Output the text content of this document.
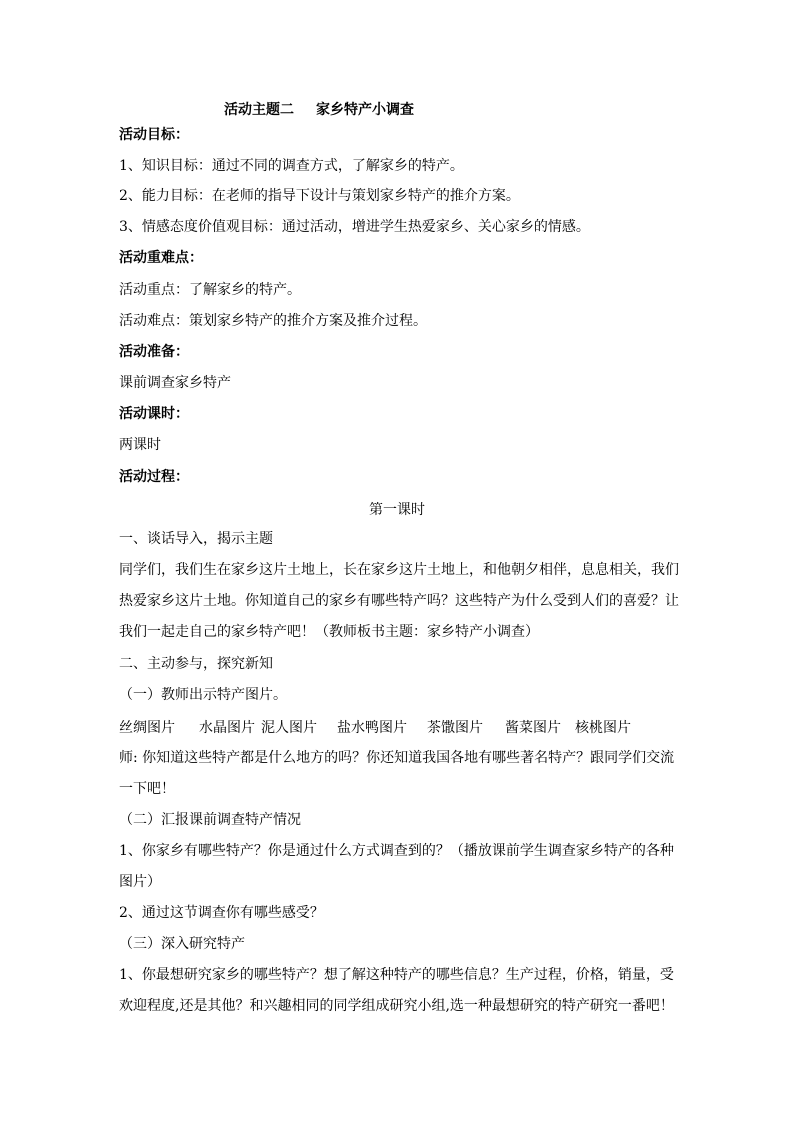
活动主题二 家乡特产小调查
活动目标：
1、知识目标：通过不同的调查方式，了解家乡的特产。
2、能力目标：在老师的指导下设计与策划家乡特产的推介方案。
3、情感态度价值观目标：通过活动，增进学生热爱家乡、关心家乡的情感。
活动重难点：
活动重点：了解家乡的特产。
活动难点：策划家乡特产的推介方案及推介过程。
活动准备：
课前调查家乡特产
活动课时：
两课时
活动过程：
第一课时
一、谈话导入，揭示主题
同学们，我们生在家乡这片土地上，长在家乡这片土地上，和他朝夕相伴，息息相关，我们
热爱家乡这片土地。你知道自己的家乡有哪些特产吗？这些特产为什么受到人们的喜爱？让
我们一起走自己的家乡特产吧！（教师板书主题：家乡特产小调查）
二、主动参与，探究新知
（一）教师出示特产图片。
丝绸图片 水晶图片 泥人图片 盐水鸭图片 茶馓图片 酱菜图片 核桃图片
师: 你知道这些特产都是什么地方的吗？你还知道我国各地有哪些著名特产？跟同学们交流
一下吧！
（二）汇报课前调查特产情况
1、你家乡有哪些特产？你是通过什么方式调查到的？（播放课前学生调查家乡特产的各种
图片）
2、通过这节调查你有哪些感受？
（三）深入研究特产
1、你最想研究家乡的哪些特产？想了解这种特产的哪些信息？生产过程，价格，销量，受
欢迎程度,还是其他？和兴趣相同的同学组成研究小组,选一种最想研究的特产研究一番吧！
